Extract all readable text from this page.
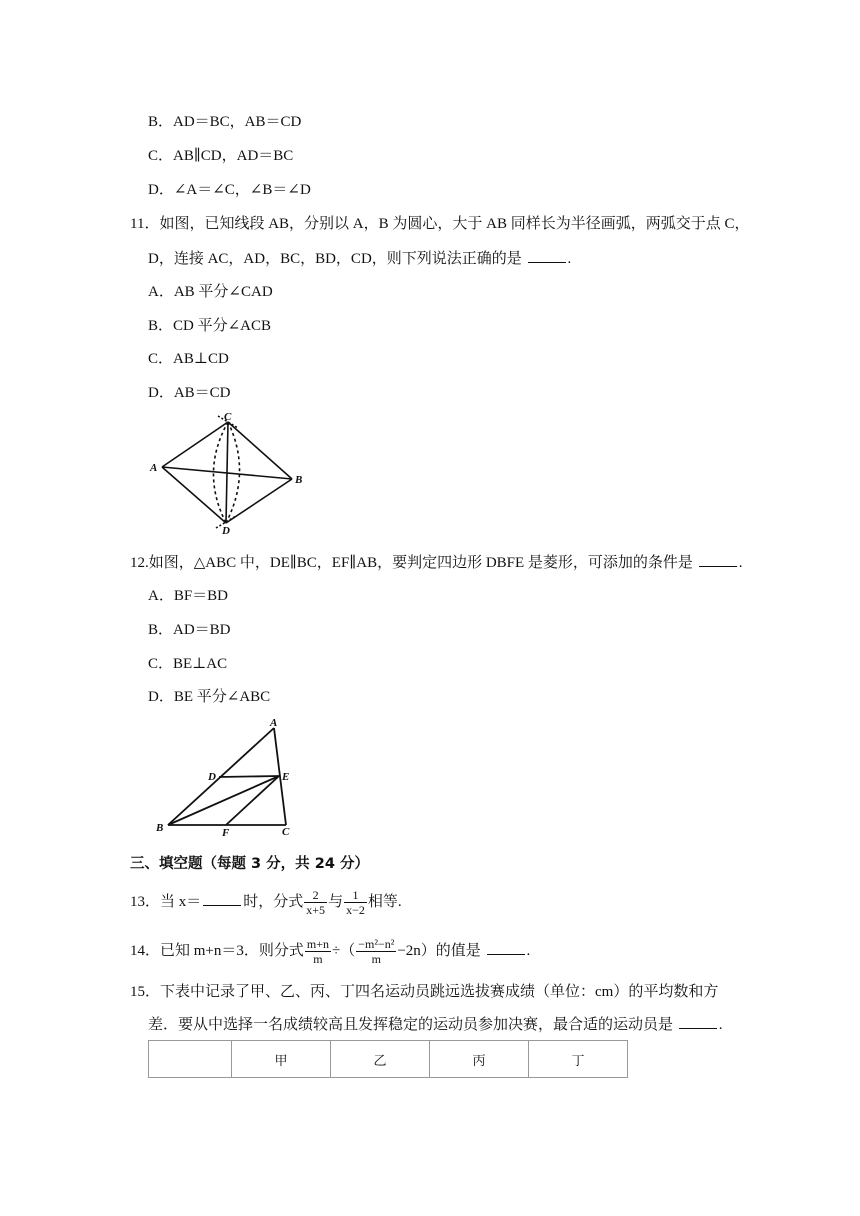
B．AD＝BC，AB＝CD
C．AB∥CD，AD＝BC
D．∠A＝∠C，∠B＝∠D
11．如图，已知线段 AB，分别以 A，B 为圆心，大于 AB 同样长为半径画弧，两弧交于点 C，
D，连接 AC，AD，BC，BD，CD，则下列说法正确的是	.
A．AB 平分∠CAD
B．CD 平分∠ACB
C．AB⊥CD
D．AB＝CD
A
B
C
D
12.如图，△ABC 中，DE∥BC，EF∥AB，要判定四边形 DBFE 是菱形，可添加的条件是	.
A．BF＝BD
B．AD＝BD
C．BE⊥AC
D．BE 平分∠ABC
A
B	C
D	E
F
三、填空题（每题 3 分，共 24 分）
13．当 x＝	时，分式 $\frac{2}{x+5}$ 与 $\frac{1}{x-2}$ 相等.
14．已知 m+n＝3．则分式 $\frac{m+n}{m}$ ÷（ $\frac{\text{−m²−n²}}{m} -2n$）的值是	.
15．下表中记录了甲、乙、丙、丁四名运动员跳远选拔赛成绩（单位：cm）的平均数和方
差．要从中选择一名成绩较高且发挥稳定的运动员参加决赛，最合适的运动员是	.
	甲	乙	丙	丁
